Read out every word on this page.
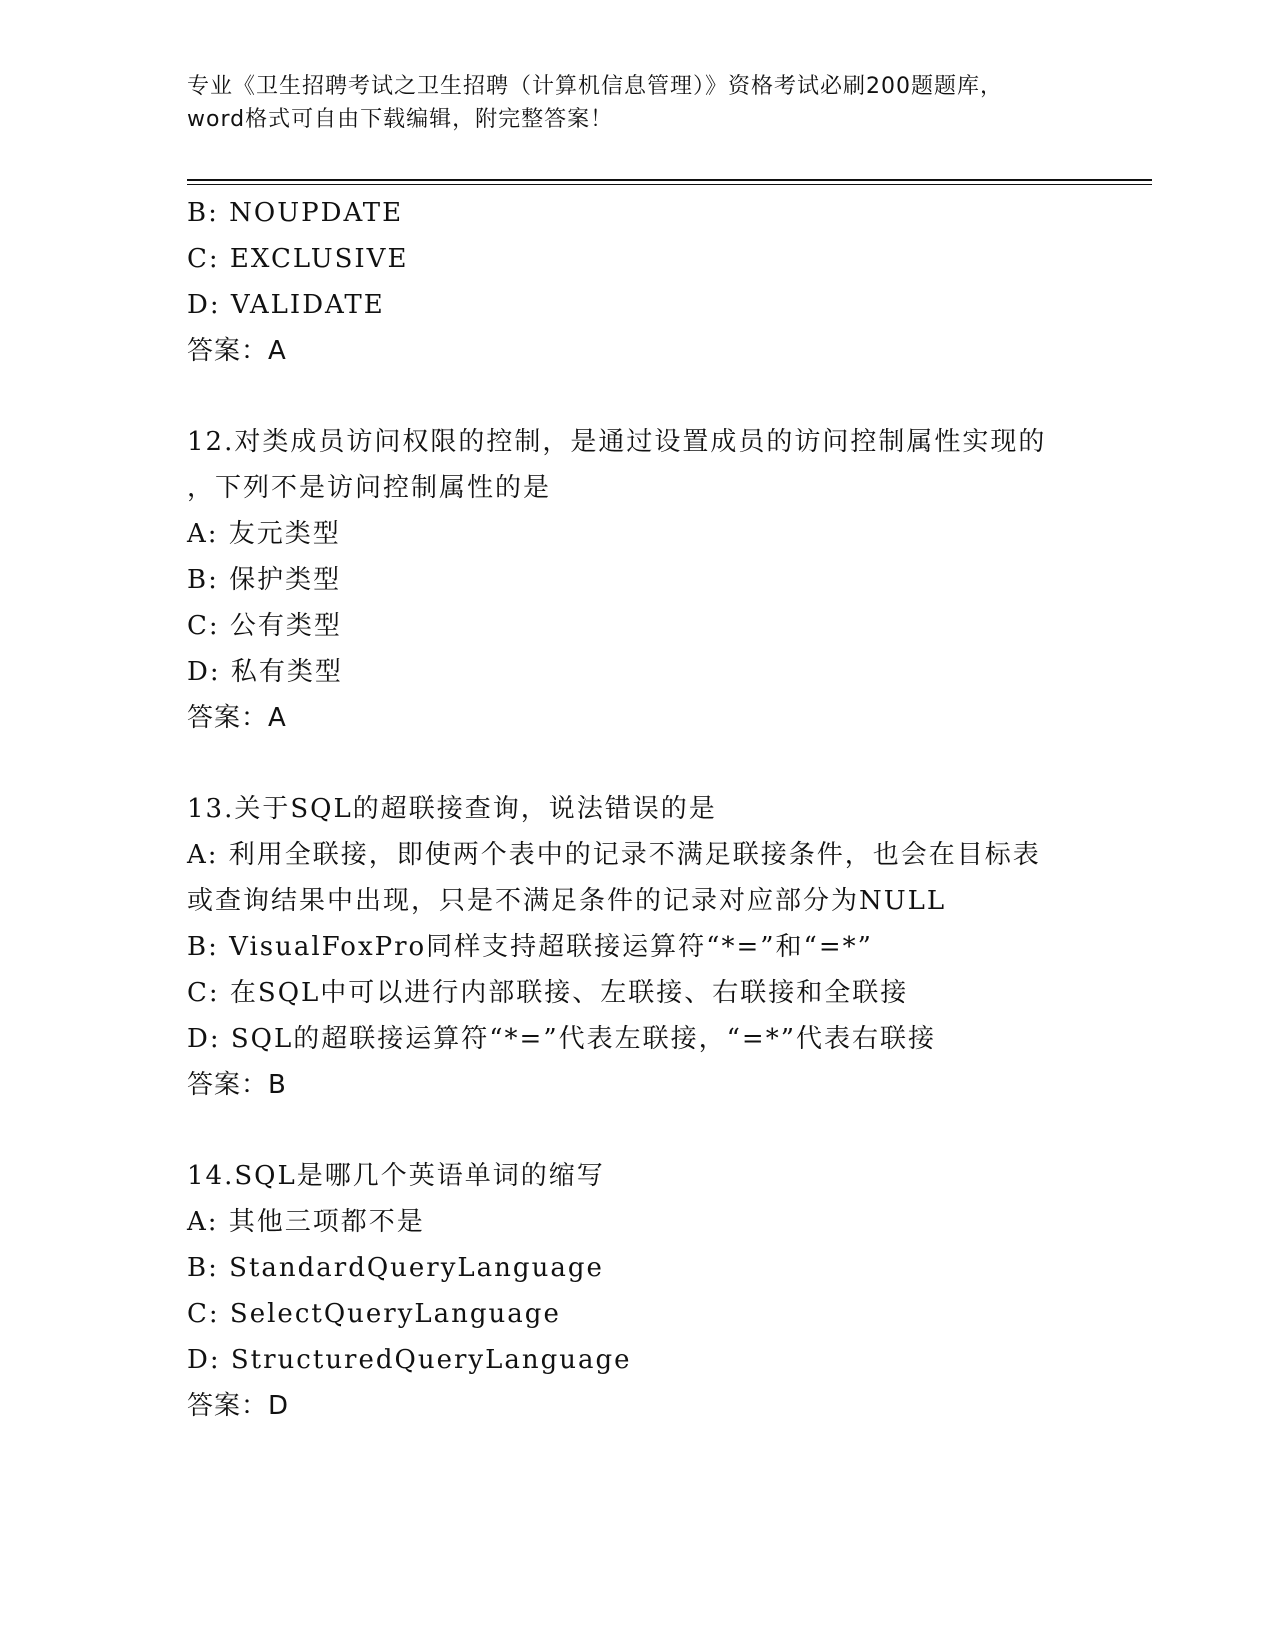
专业《卫生招聘考试之卫生招聘（计算机信息管理）》资格考试必刷200题题库，
word格式可自由下载编辑，附完整答案！
B: NOUPDATE
C: EXCLUSIVE
D: VALIDATE
答案：A
12.对类成员访问权限的控制，是通过设置成员的访问控制属性实现的
，下列不是访问控制属性的是
A: 友元类型
B: 保护类型
C: 公有类型
D: 私有类型
答案：A
13.关于SQL的超联接查询，说法错误的是
A: 利用全联接，即使两个表中的记录不满足联接条件，也会在目标表
或查询结果中出现，只是不满足条件的记录对应部分为NULL
B: VisualFoxPro同样支持超联接运算符“*=”和“=*”
C: 在SQL中可以进行内部联接、左联接、右联接和全联接
D: SQL的超联接运算符“*=”代表左联接，“=*”代表右联接
答案：B
14.SQL是哪几个英语单词的缩写
A: 其他三项都不是
B: StandardQueryLanguage
C: SelectQueryLanguage
D: StructuredQueryLanguage
答案：D
